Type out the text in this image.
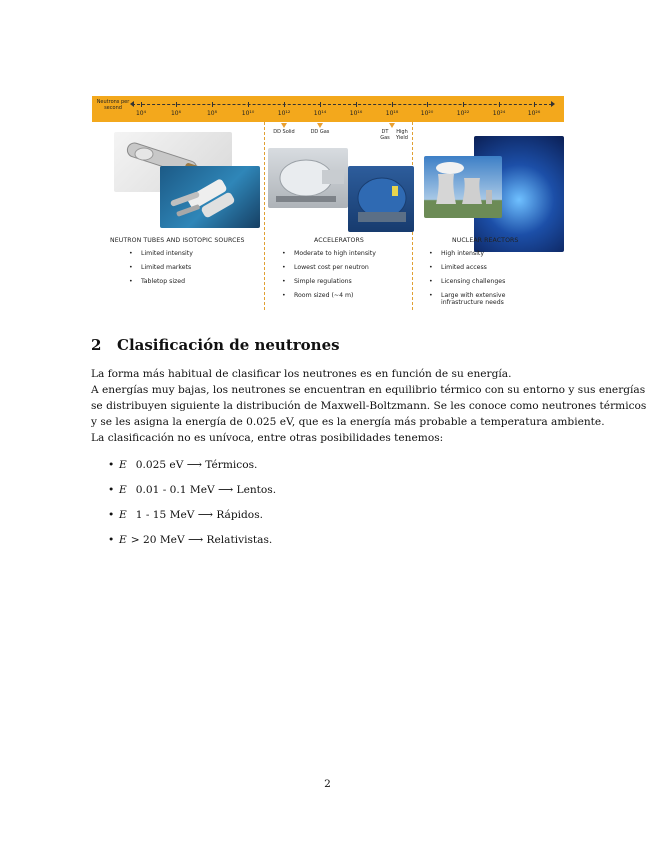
Neutrons per second
10⁴	10⁶	10⁸	10¹⁰	10¹²	10¹⁴	10¹⁶	10¹⁸	10²⁰	10²²	10²⁴	10²⁶
DD Solid	DD Gas	DT Gas
High Yield
NEUTRON TUBES AND ISOTOPIC SOURCES	ACCELERATORS	NUCLEAR REACTORS
• Limited intensity
• Limited markets
• Tabletop sized
• Moderate to high intensity
• Lowest cost per neutron
• Simple regulations
• Room sized (~4 m)
• High intensity
• Limited access
• Licensing challenges
• Large with extensive infrastructure needs
2 Clasificación de neutrones
La forma más habitual de clasificar los neutrones es en función de su energía.
A energías muy bajas, los neutrones se encuentran en equilibrio térmico con su entorno y sus energías
se distribuyen siguiente la distribución de Maxwell-Boltzmann. Se les conoce como neutrones térmicos
y se les asigna la energía de 0.025 eV, que es la energía más probable a temperatura ambiente.
La clasificación no es unívoca, entre otras posibilidades tenemos:
• E 0.025 eV ⟶ Térmicos.
• E 0.01 - 0.1 MeV ⟶ Lentos.
• E 1 - 15 MeV ⟶ Rápidos.
• E > 20 MeV ⟶ Relativistas.
2
